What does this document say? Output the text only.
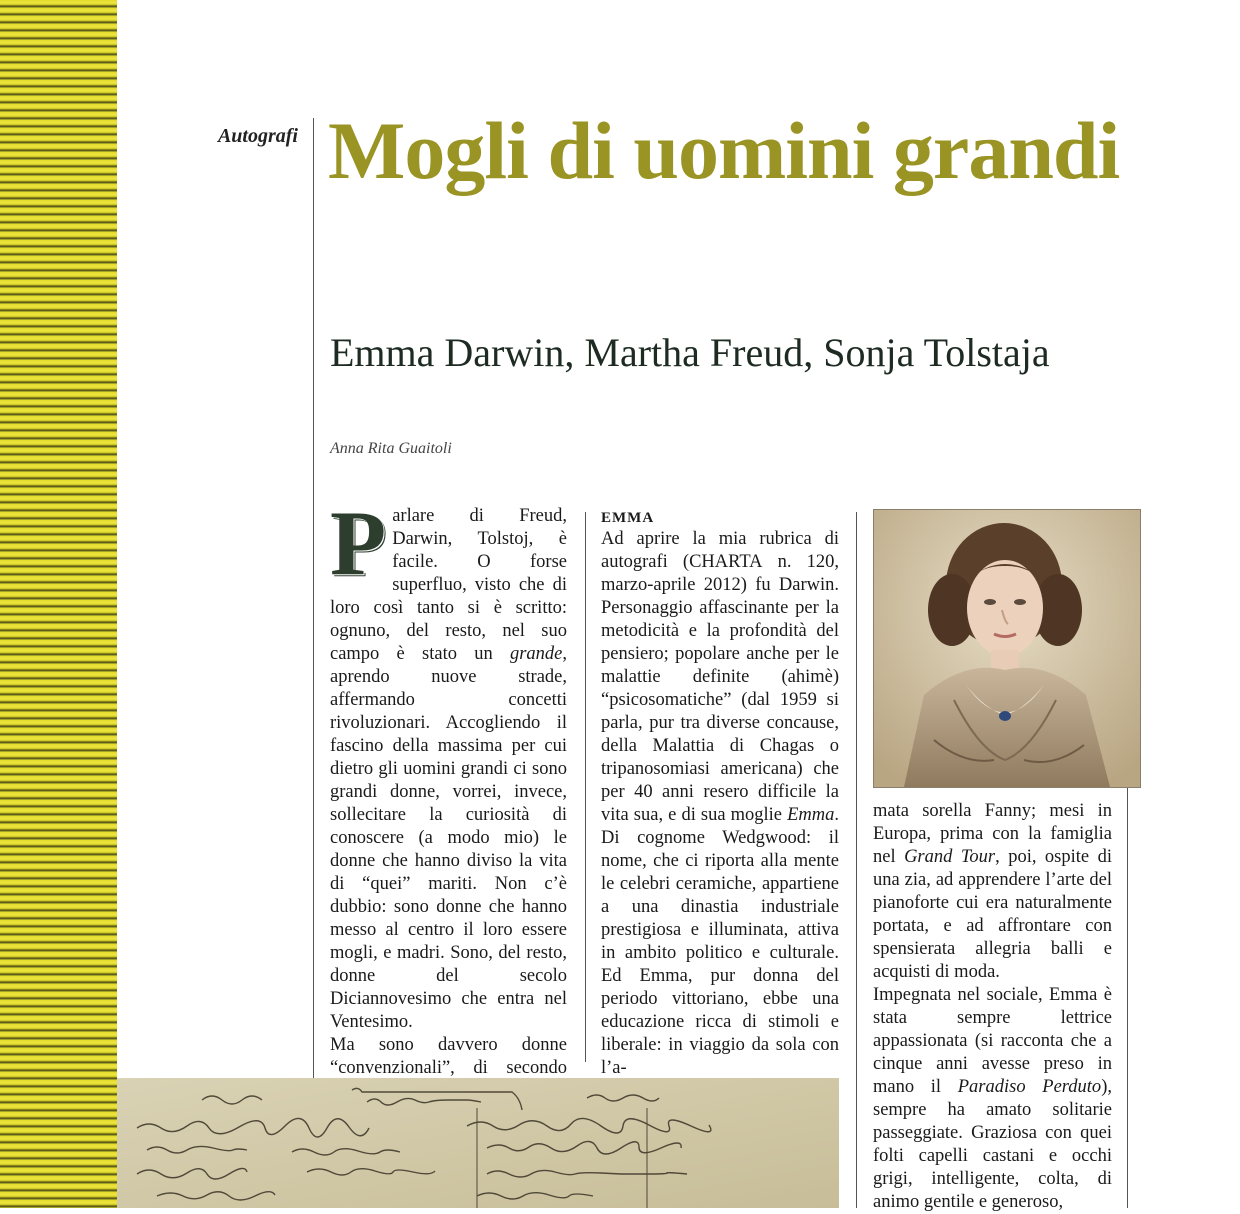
Autografi Mogli di uomini grandi
Emma Darwin, Martha Freud, Sonja Tolstaja
Anna Rita Guaitoli

Parlare di Freud, Darwin, Tolstoj, è facile. O forse superfluo, visto che di loro così tanto si è scritto: ognuno, del resto, nel suo campo è stato un grande, aprendo nuove strade, affermando concetti rivoluzionari. Accogliendo il fascino della massima per cui dietro gli uomini grandi ci sono grandi donne, vorrei, invece, sollecitare la curiosità di conoscere (a modo mio) le donne che hanno diviso la vita di “quei” mariti. Non c’è dubbio: sono donne che hanno messo al centro il loro essere mogli, e madri. Sono, del resto, donne del secolo Diciannovesimo che entra nel Ventesimo.

Ma sono davvero donne “convenzionali”, di secondo

EMMA

Ad aprire la mia rubrica di autografi (CHARTA n. 120, marzo-aprile 2012) fu Darwin. Personaggio affascinante per la metodicità e la profondità del pensiero; popolare anche per le malattie definite (ahimè) “psicosomatiche” (dal 1959 si parla, pur tra diverse concause, della Malattia di Chagas o tripanosomiasi americana) che per 40 anni resero difficile la vita sua, e di sua moglie Emma. Di cognome Wedgwood: il nome, che ci riporta alla mente le celebri ceramiche, appartiene a una dinastia industriale prestigiosa e illuminata, attiva in ambito politico e culturale. Ed Emma, pur donna del periodo vittoriano, ebbe una educazione ricca di stimoli e liberale: in viaggio da sola con l’a-

mata sorella Fanny; mesi in Europa, prima con la famiglia nel Grand Tour, poi, ospite di una zia, ad apprendere l’arte del pianoforte cui era naturalmente portata, e ad affrontare con spensierata allegria balli e acquisti di moda.

Impegnata nel sociale, Emma è stata sempre lettrice appassionata (si racconta che a cinque anni avesse preso in mano il Paradiso Perduto), sempre ha amato solitarie passeggiate. Graziosa con quei folti capelli castani e occhi grigi, intelligente, colta, di animo gentile e generoso,
